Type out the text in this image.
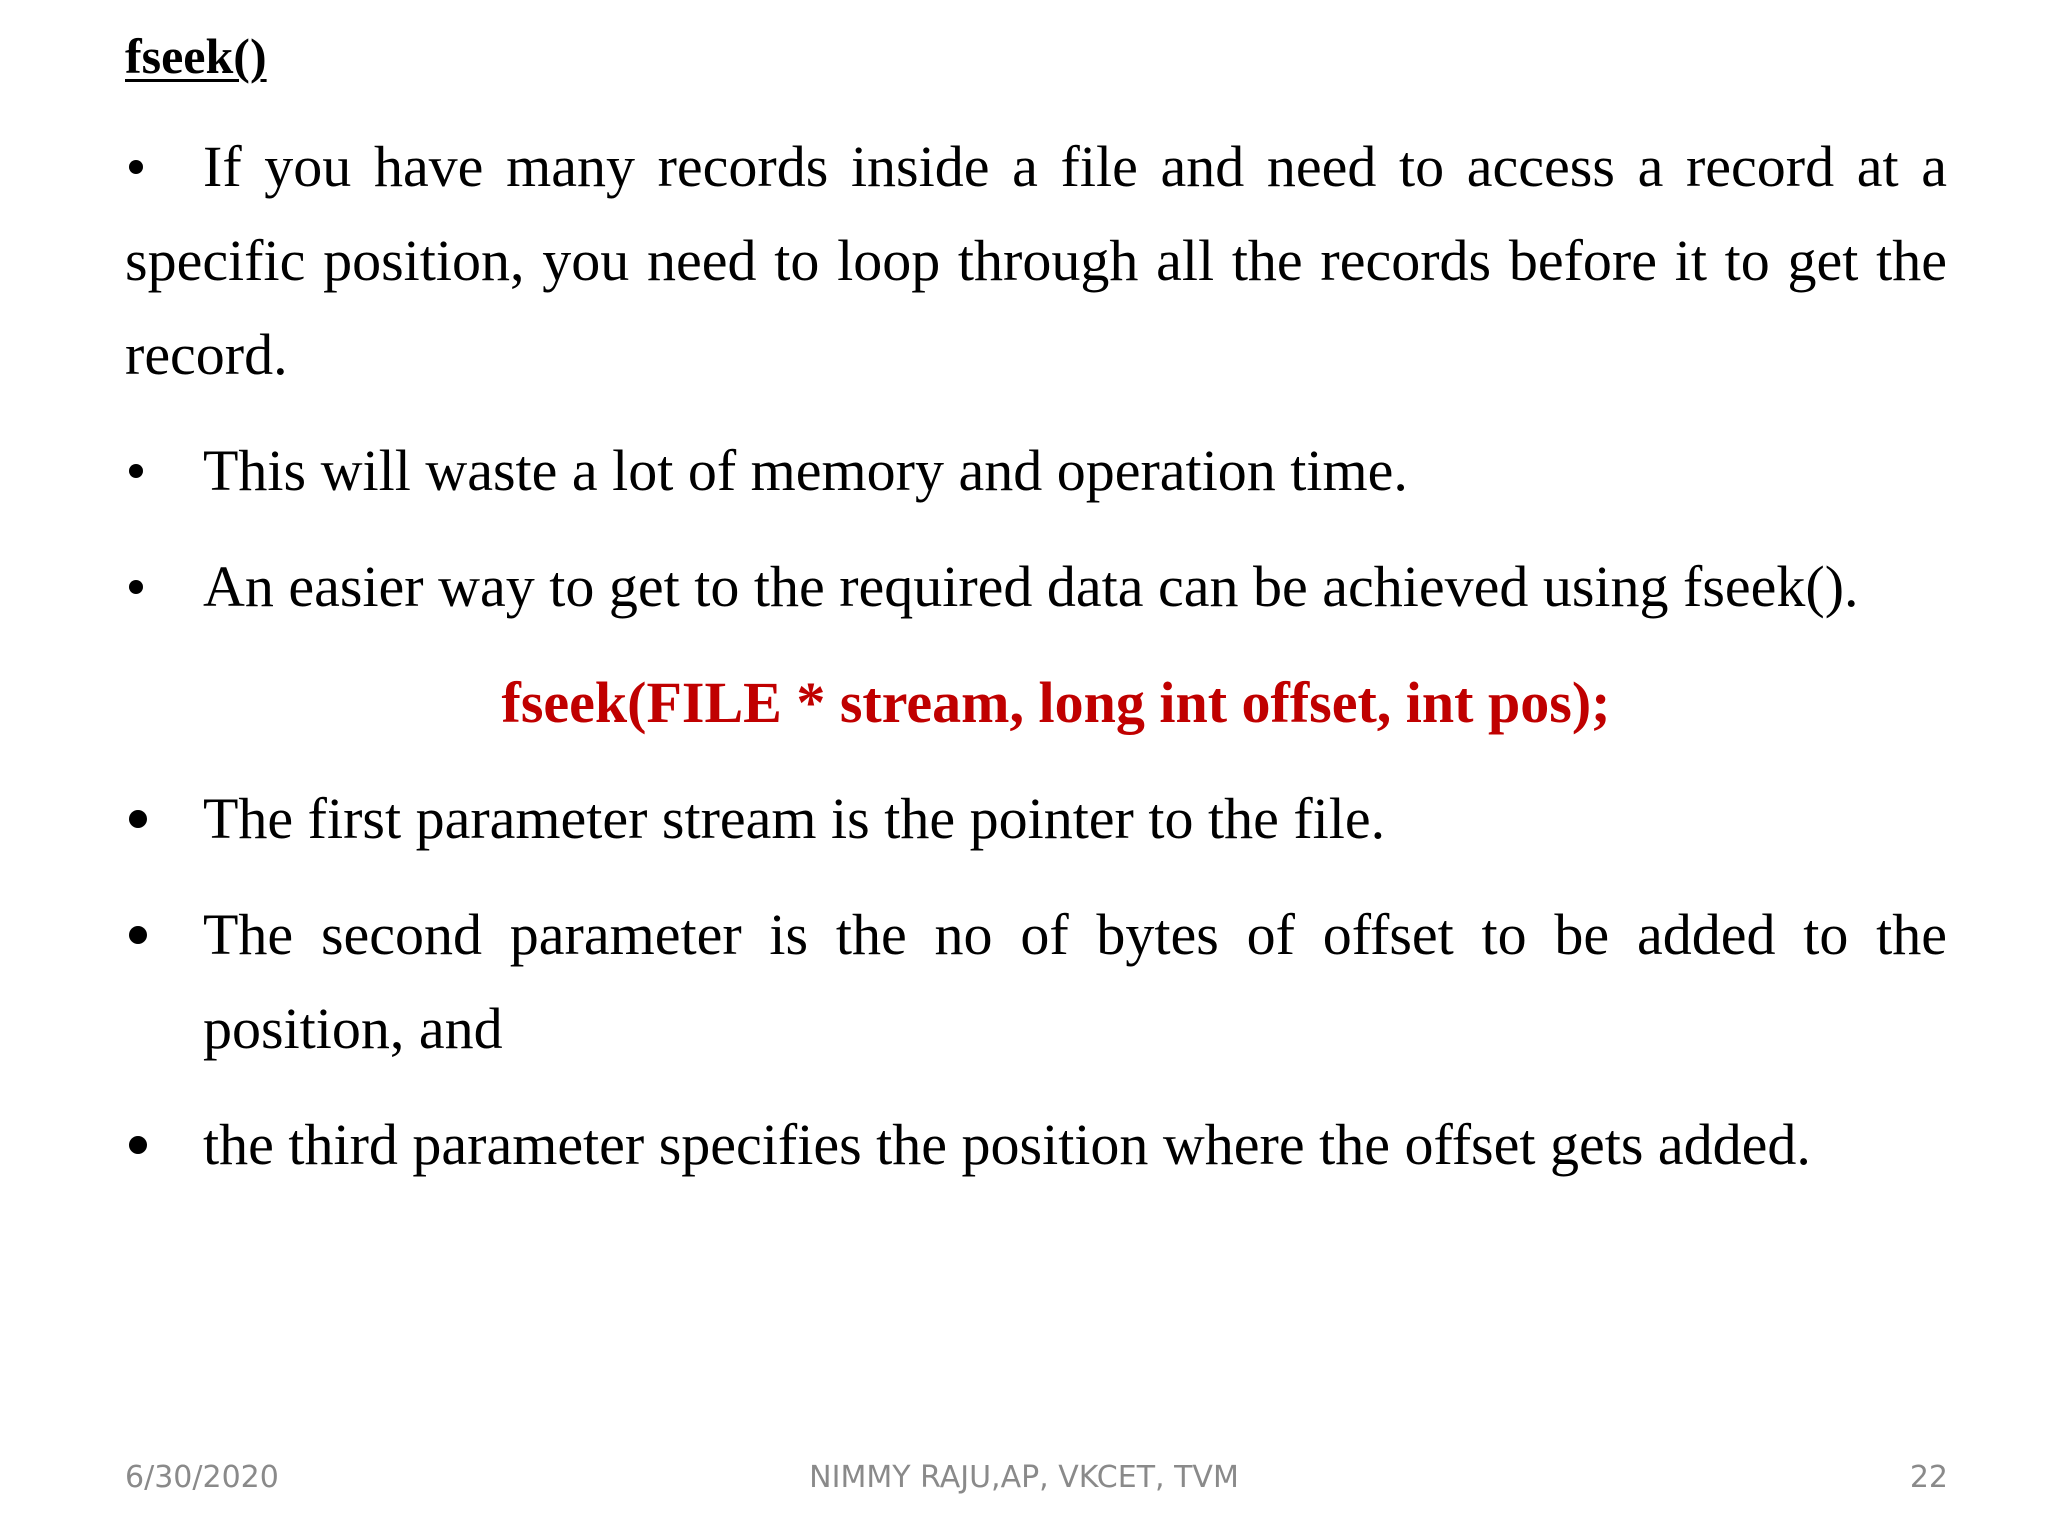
fseek()
If you have many records inside a file and need to access a record at a specific position, you need to loop through all the records before it to get the record.
This will waste a lot of memory and operation time.
An easier way to get to the required data can be achieved using fseek().
fseek(FILE * stream, long int offset, int pos);
The first parameter stream is the pointer to the file.
The second parameter is the no of bytes of offset to be added to the position, and
the third parameter specifies the position where the offset gets added.
6/30/2020	NIMMY RAJU,AP, VKCET, TVM	22
